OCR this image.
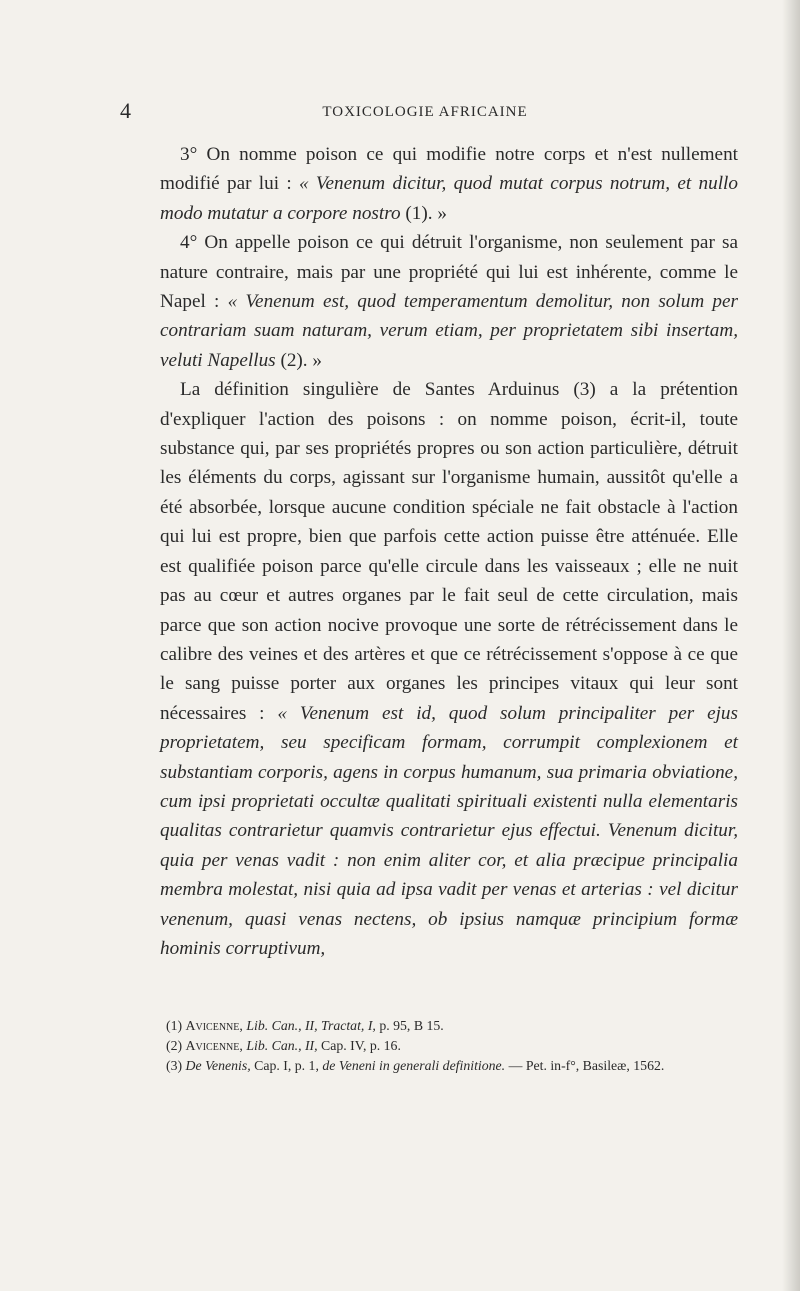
4	TOXICOLOGIE AFRICAINE

3° On nomme poison ce qui modifie notre corps et n'est nullement modifié par lui : « Venenum dicitur, quod mutat corpus notrum, et nullo modo mutatur a corpore nostro (1). »

4° On appelle poison ce qui détruit l'organisme, non seulement par sa nature contraire, mais par une propriété qui lui est inhérente, comme le Napel : « Venenum est, quod temperamentum demolitur, non solum per contrariam suam naturam, verum etiam, per proprietatem sibi insertam, veluti Napellus (2). »

La définition singulière de Santes Arduinus (3) a la prétention d'expliquer l'action des poisons : on nomme poison, écrit-il, toute substance qui, par ses propriétés propres ou son action particulière, détruit les éléments du corps, agissant sur l'organisme humain, aussitôt qu'elle a été absorbée, lorsque aucune condition spéciale ne fait obstacle à l'action qui lui est propre, bien que parfois cette action puisse être atténuée. Elle est qualifiée poison parce qu'elle circule dans les vaisseaux ; elle ne nuit pas au cœur et autres organes par le fait seul de cette circulation, mais parce que son action nocive provoque une sorte de rétrécissement dans le calibre des veines et des artères et que ce rétrécissement s'oppose à ce que le sang puisse porter aux organes les principes vitaux qui leur sont nécessaires : « Venenum est id, quod solum principaliter per ejus proprietatem, seu specificam formam, corrumpit complexionem et substantiam corporis, agens in corpus humanum, sua primaria obviatione, cum ipsi proprietati occultæ qualitati spirituali existenti nulla elementaris qualitas contrarietur quamvis contrarietur ejus effectui. Venenum dicitur, quia per venas vadit : non enim aliter cor, et alia præcipue principalia membra molestat, nisi quia ad ipsa vadit per venas et arterias : vel dicitur venenum, quasi venas nectens, ob ipsius namquæ principium formæ hominis corruptivum,

(1) Avicenne, Lib. Can., II, Tractat, I, p. 95, B 15.

(2) Avicenne, Lib. Can., II, Cap. IV, p. 16.

(3) De Venenis, Cap. I, p. 1, de Veneni in generali definitione. — Pet. in-f°, Basileæ, 1562.
